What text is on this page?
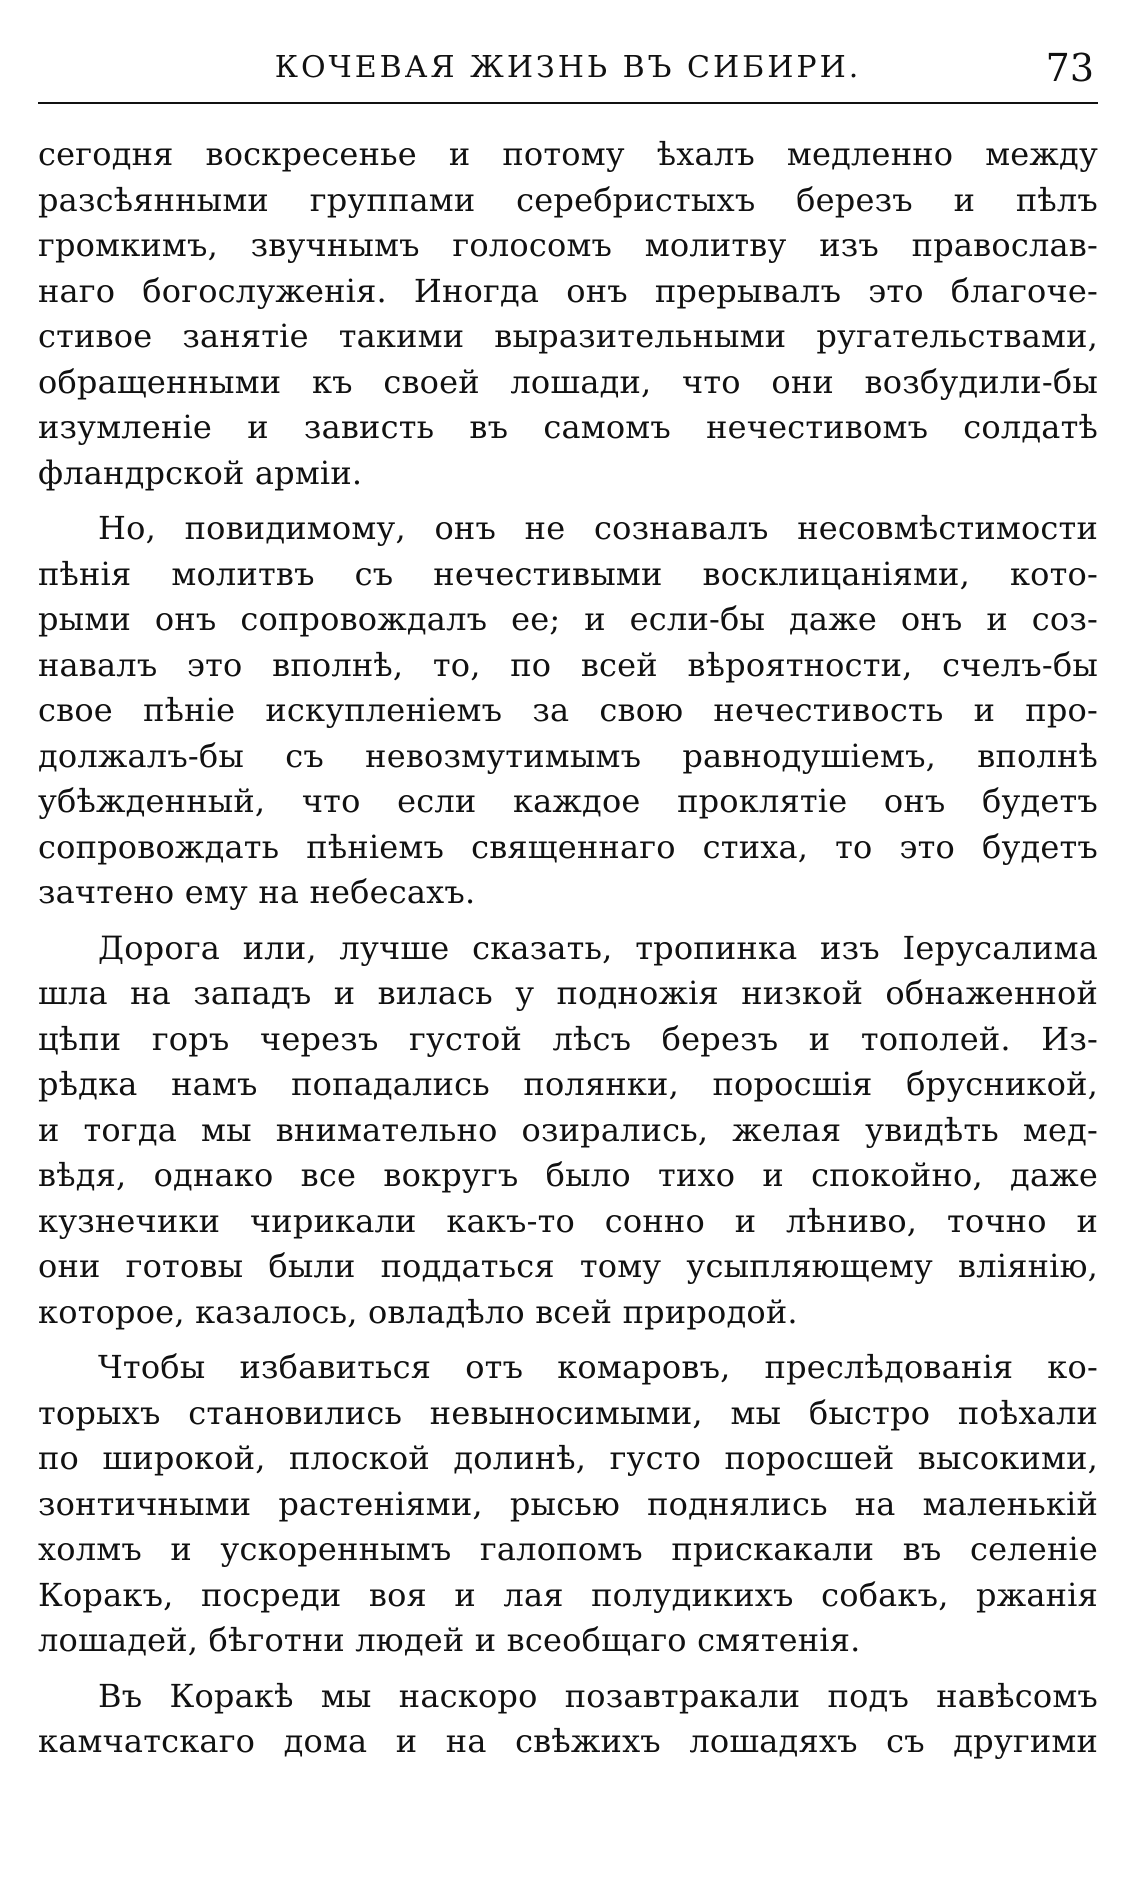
КОЧЕВАЯ ЖИЗНЬ ВЪ СИБИРИ.	73
сегодня воскресенье и потому ѣхалъ медленно между
разсѣянными группами серебристыхъ березъ и пѣлъ
громкимъ, звучнымъ голосомъ молитву изъ православ-
наго богослуженія. Иногда онъ прерывалъ это благоче-
стивое занятіе такими выразительными ругательствами,
обращенными къ своей лошади, что они возбудили-бы
изумленіе и зависть въ самомъ нечестивомъ солдатѣ
фландрской арміи.
Но, повидимому, онъ не сознавалъ несовмѣстимости
пѣнія молитвъ съ нечестивыми восклицаніями, кото-
рыми онъ сопровождалъ ее; и если-бы даже онъ и соз-
навалъ это вполнѣ, то, по всей вѣроятности, счелъ-бы
свое пѣніе искупленіемъ за свою нечестивость и про-
должалъ-бы съ невозмутимымъ равнодушіемъ, вполнѣ
убѣжденный, что если каждое проклятіе онъ будетъ
сопровождать пѣніемъ священнаго стиха, то это будетъ
зачтено ему на небесахъ.
Дорога или, лучше сказать, тропинка изъ Іерусалима
шла на западъ и вилась у подножія низкой обнаженной
цѣпи горъ черезъ густой лѣсъ березъ и тополей. Из-
рѣдка намъ попадались полянки, поросшія брусникой,
и тогда мы внимательно озирались, желая увидѣть мед-
вѣдя, однако все вокругъ было тихо и спокойно, даже
кузнечики чирикали какъ-то сонно и лѣниво, точно и
они готовы были поддаться тому усыпляющему вліянію,
которое, казалось, овладѣло всей природой.
Чтобы избавиться отъ комаровъ, преслѣдованія ко-
торыхъ становились невыносимыми, мы быстро поѣхали
по широкой, плоской долинѣ, густо поросшей высокими,
зонтичными растеніями, рысью поднялись на маленькій
холмъ и ускореннымъ галопомъ прискакали въ селеніе
Коракъ, посреди воя и лая полудикихъ собакъ, ржанія
лошадей, бѣготни людей и всеобщаго смятенія.
Въ Коракѣ мы наскоро позавтракали подъ навѣсомъ
камчатскаго дома и на свѣжихъ лошадяхъ съ другими
